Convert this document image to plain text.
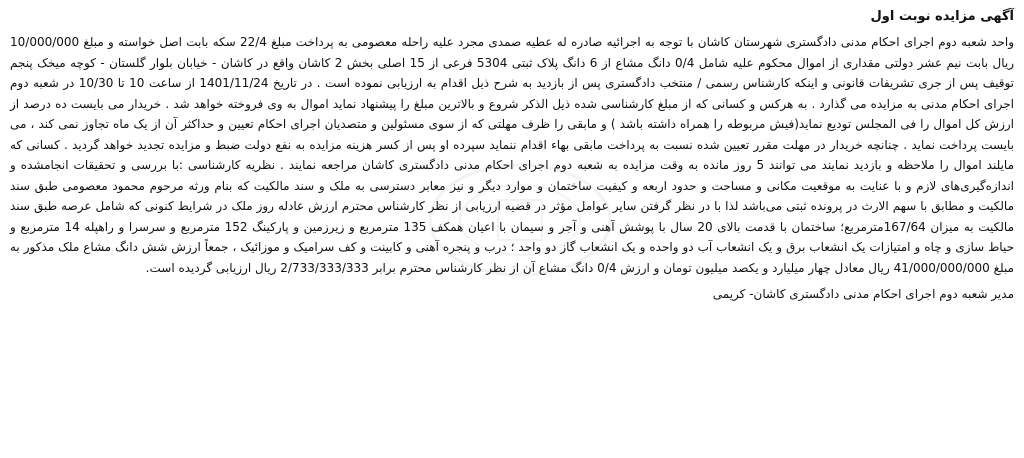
آگهی مزایده نوبت اول

واحد شعبه دوم اجرای احکام مدنی دادگستری شهرستان کاشان با توجه به اجرائیه صادره له عطیه صمدی مجرد علیه راحله معصومی به پرداخت مبلغ 22/4 سکه بابت اصل خواسته و مبلغ 10/000/000 ریال بابت نیم عشر دولتی مقداری از اموال محکوم علیه شامل 0/4 دانگ مشاع از 6 دانگ پلاک ثبتی 5304 فرعی از 15 اصلی بخش 2 کاشان واقع در کاشان - خیابان بلوار گلستان - کوچه میخک پنجم توقیف پس از جری تشریفات قانونی و اینکه کارشناس رسمی / منتخب دادگستری پس از بازدید به شرح ذیل اقدام به ارزیابی نموده است . در تاریخ 1401/11/24 از ساعت 10 تا 10/30 در شعبه دوم اجرای احکام مدنی به مزایده می گذارد . به هرکس و کسانی که از مبلغ کارشناسی شده ذیل الذکر شروع و بالاترین مبلغ را پیشنهاد نماید اموال به وی فروخته خواهد شد . خریدار می بایست ده درصد از ارزش کل اموال را فی المجلس تودیع نماید(فیش مربوطه را همراه داشته باشد ) و مابقی را ظرف مهلتی که از سوی مسئولین و متصدیان اجرای احکام تعیین و حداکثر آن از یک ماه تجاوز نمی کند ، می بایست پرداخت نماید . چنانچه خریدار در مهلت مقرر تعیین شده نسبت به پرداخت مابقی بهاء اقدام ننماید سپرده او پس از کسر هزینه مزایده به نفع دولت ضبط و مزایده تجدید خواهد گردید . کسانی که مایلند اموال را ملاحظه و بازدید نمایند می توانند 5 روز مانده به وقت مزایده به شعبه دوم اجرای احکام مدنی دادگستری کاشان مراجعه نمایند . نظریه کارشناسی :با بررسی و تحقیقات انجامشده و اندازه‌گیری‌های لازم و با عنایت به موقعیت مکانی و مساحت و حدود اربعه و کیفیت ساختمان و موارد دیگر و نیز معابر دسترسی به ملک و سند مالکیت که بنام ورثه مرحوم محمود معصومی طبق سند مالکیت و مطابق با سهم الارث در پرونده ثبتی می‌باشد لذا با در نظر گرفتن سایر عوامل مؤثر در قضیه ارزیابی از نظر کارشناس محترم ارزش عادله روز ملک در شرایط کنونی که شامل عرصه طبق سند مالکیت به میزان 167/64مترمربع؛ ساختمان با قدمت بالای 20 سال با پوشش آهنی و آجر و سیمان با اعیان همکف 135 مترمربع و زیرزمین و پارکینگ 152 مترمربع و سرسرا و راهپله 14 مترمربع و حیاط سازی و چاه و امتیازات یک انشعاب برق و یک انشعاب آب دو واحده و یک انشعاب گاز دو واحد ؛ درب و پنجره آهنی و کابینت و کف سرامیک و موزائیک ، جمعاً ارزش شش دانگ مشاع ملک مذکور به مبلغ 41/000/000/000 ریال معادل چهار میلیارد و یکصد میلیون تومان و ارزش 0/4 دانگ مشاع آن از نظر کارشناس محترم برابر 2/733/333/333 ریال ارزیابی گردیده است.

مدیر شعبه دوم اجرای احکام مدنی دادگستری کاشان- کریمی
